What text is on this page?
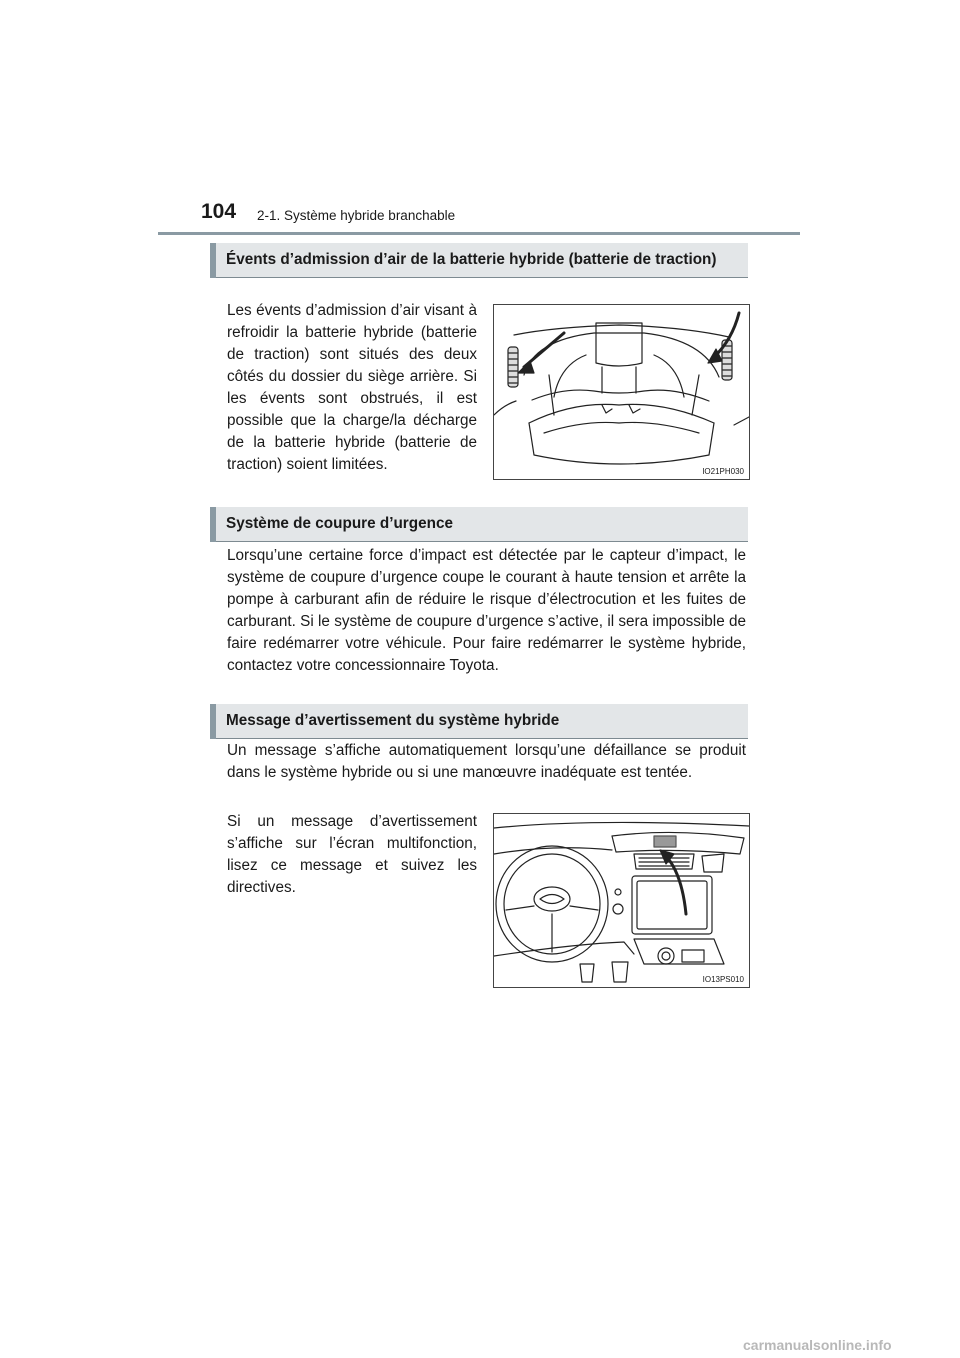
104 2-1. Système hybride branchable
Évents d’admission d’air de la batterie hybride (batterie de traction)

Les évents d’admission d’air visant à refroidir la batterie hybride (batterie de traction) sont situés des deux côtés du dossier du siège arrière. Si les évents sont obstrués, il est possible que la charge/la décharge de la batterie hybride (batterie de traction) soient limitées.	IO21PH030
Système de coupure d’urgence

Lorsqu’une certaine force d’impact est détectée par le capteur d’impact, le système de coupure d’urgence coupe le courant à haute tension et arrête la pompe à carburant afin de réduire le risque d’électrocution et les fuites de carburant. Si le système de coupure d’urgence s’active, il sera impossible de faire redémarrer votre véhicule. Pour faire redémarrer le système hybride, contactez votre concessionnaire Toyota.

Message d’avertissement du système hybride

Un message s’affiche automatiquement lorsqu’une défaillance se produit dans le système hybride ou si une manœuvre inadéquate est tentée.

Si un message d’avertissement s’affiche sur l’écran multifonction, lisez ce message et suivez les directives.

IO13PS010
carmanualsonline.info
